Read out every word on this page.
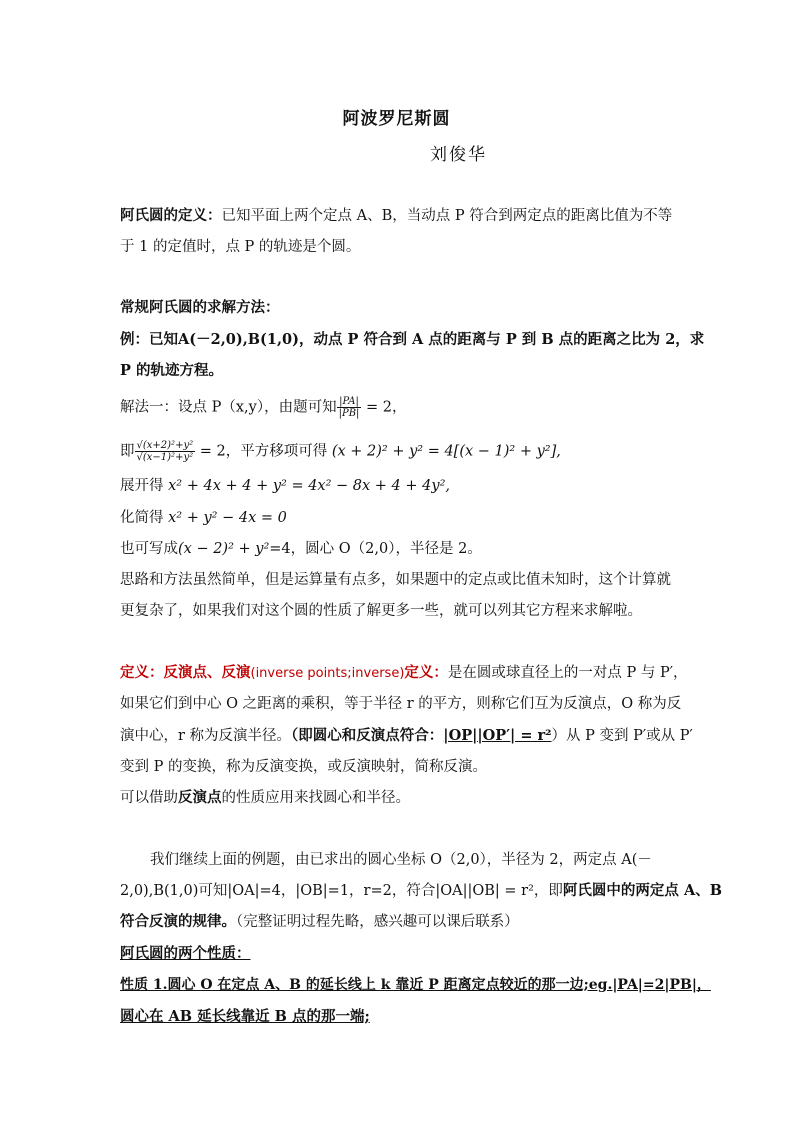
阿波罗尼斯圆
刘俊华
阿氏圆的定义：已知平面上两个定点 A、B，当动点 P 符合到两定点的距离比值为不等
于 1 的定值时，点 P 的轨迹是个圆。
常规阿氏圆的求解方法：
例：已知A(－2,0),B(1,0)，动点 P 符合到 A 点的距离与 P 到 B 点的距离之比为 2，求
P 的轨迹方程。
解法一：设点 P（x,y），由题可知 $\frac{|PA|}{|PB|} = 2$，
即 $\frac{\text{√(x+2)²+y²}}{\text{√(x−1)²+y²}} = 2$，平方移项可得 (x + 2)² + y² = 4[(x − 1)² + y²],
展开得 x² + 4x + 4 + y² = 4x² − 8x + 4 + 4y²,
化简得 x² + y² − 4x = 0
也可写成(x − 2)² + y²=4，圆心 O（2,0），半径是 2。
思路和方法虽然简单，但是运算量有点多，如果题中的定点或比值未知时，这个计算就
更复杂了，如果我们对这个圆的性质了解更多一些，就可以列其它方程来求解啦。
定义：反演点、反演(inverse points;inverse)定义：是在圆或球直径上的一对点 P 与 P′，
如果它们到中心 O 之距离的乘积，等于半径 r 的平方，则称它们互为反演点，O 称为反
演中心，r 称为反演半径。（即圆心和反演点符合：|OP||OP′| = r²）从 P 变到 P′或从 P′
变到 P 的变换，称为反演变换，或反演映射，简称反演。
可以借助反演点的性质应用来找圆心和半径。
我们继续上面的例题，由已求出的圆心坐标 O（2,0），半径为 2，两定点 A(－
2,0),B(1,0)可知|OA|=4，|OB|=1，r=2，符合|OA||OB| = r²，即阿氏圆中的两定点 A、B
符合反演的规律。（完整证明过程先略，感兴趣可以课后联系）
阿氏圆的两个性质：
性质 1.圆心 O 在定点 A、B 的延长线上 k 靠近 P 距离定点较近的那一边;eg.|PA|=2|PB|，
圆心在 AB 延长线靠近 B 点的那一端;
